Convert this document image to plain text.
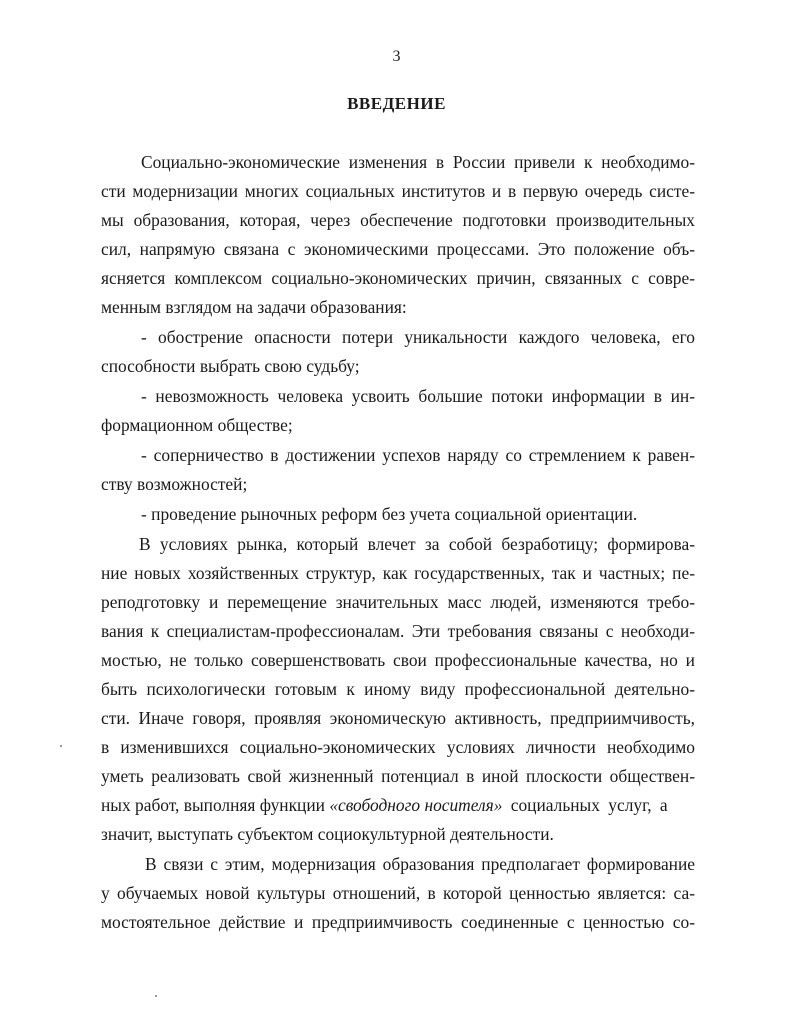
3
ВВЕДЕНИЕ
Социально-экономические изменения в России привели к необходимо-
сти модернизации многих социальных институтов и в первую очередь систе-
мы образования, которая, через обеспечение подготовки производительных
сил, напрямую связана с экономическими процессами. Это положение объ-
ясняется комплексом социально-экономических причин, связанных с совре-
менным взглядом на задачи образования:
- обострение опасности потери уникальности каждого человека, его
способности выбрать свою судьбу;
- невозможность человека усвоить большие потоки информации в ин-
формационном обществе;
- соперничество в достижении успехов наряду со стремлением к равен-
ству возможностей;
- проведение рыночных реформ без учета социальной ориентации.
В условиях рынка, который влечет за собой безработицу; формирова-
ние новых хозяйственных структур, как государственных, так и частных; пе-
реподготовку и перемещение значительных масс людей, изменяются требо-
вания к специалистам-профессионалам. Эти требования связаны с необходи-
мостью, не только совершенствовать свои профессиональные качества, но и
быть психологически готовым к иному виду профессиональной деятельно-
сти. Иначе говоря, проявляя экономическую активность, предприимчивость,
в изменившихся социально-экономических условиях личности необходимо
уметь реализовать свой жизненный потенциал в иной плоскости обществен-
ных работ, выполняя функции «свободного носителя» социальных услуг, а
значит, выступать субъектом социокультурной деятельности.
В связи с этим, модернизация образования предполагает формирование
у обучаемых новой культуры отношений, в которой ценностью является: са-
мостоятельное действие и предприимчивость соединенные с ценностью со-
